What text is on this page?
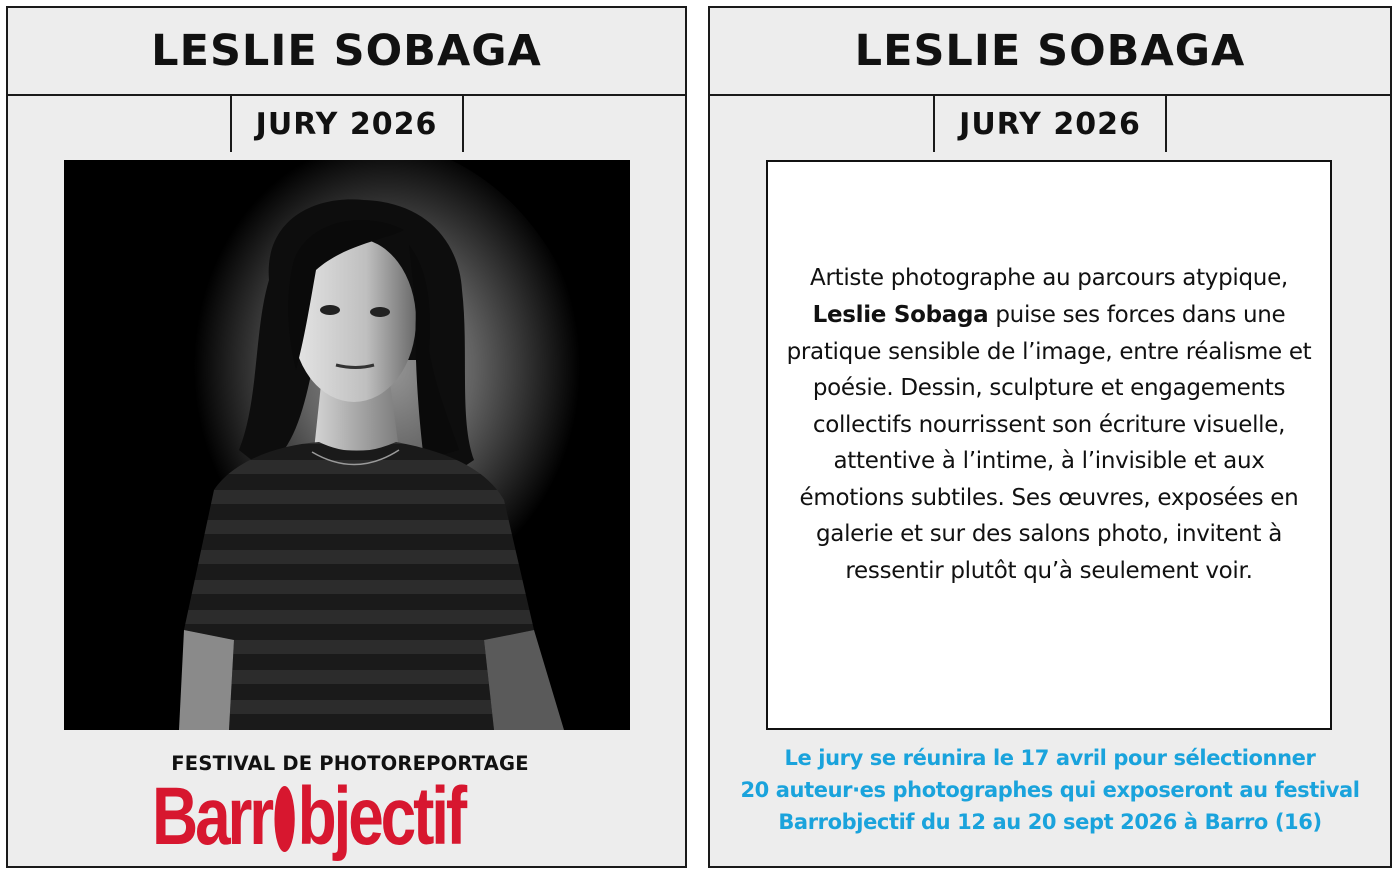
LESLIE SOBAGA
JURY 2026
FESTIVAL DE PHOTOREPORTAGE
Barr bjectif
LESLIE SOBAGA
JURY 2026
Artiste photographe au parcours atypique, Leslie Sobaga puise ses forces dans une pratique sensible de l’image, entre réalisme et poésie. Dessin, sculpture et engagements collectifs nourrissent son écriture visuelle, attentive à l’intime, à l’invisible et aux émotions subtiles. Ses œuvres, exposées en galerie et sur des salons photo, invitent à ressentir plutôt qu’à seulement voir.
Le jury se réunira le 17 avril pour sélectionner
20 auteur·es photographes qui exposeront au festival
Barrobjectif du 12 au 20 sept 2026 à Barro (16)
